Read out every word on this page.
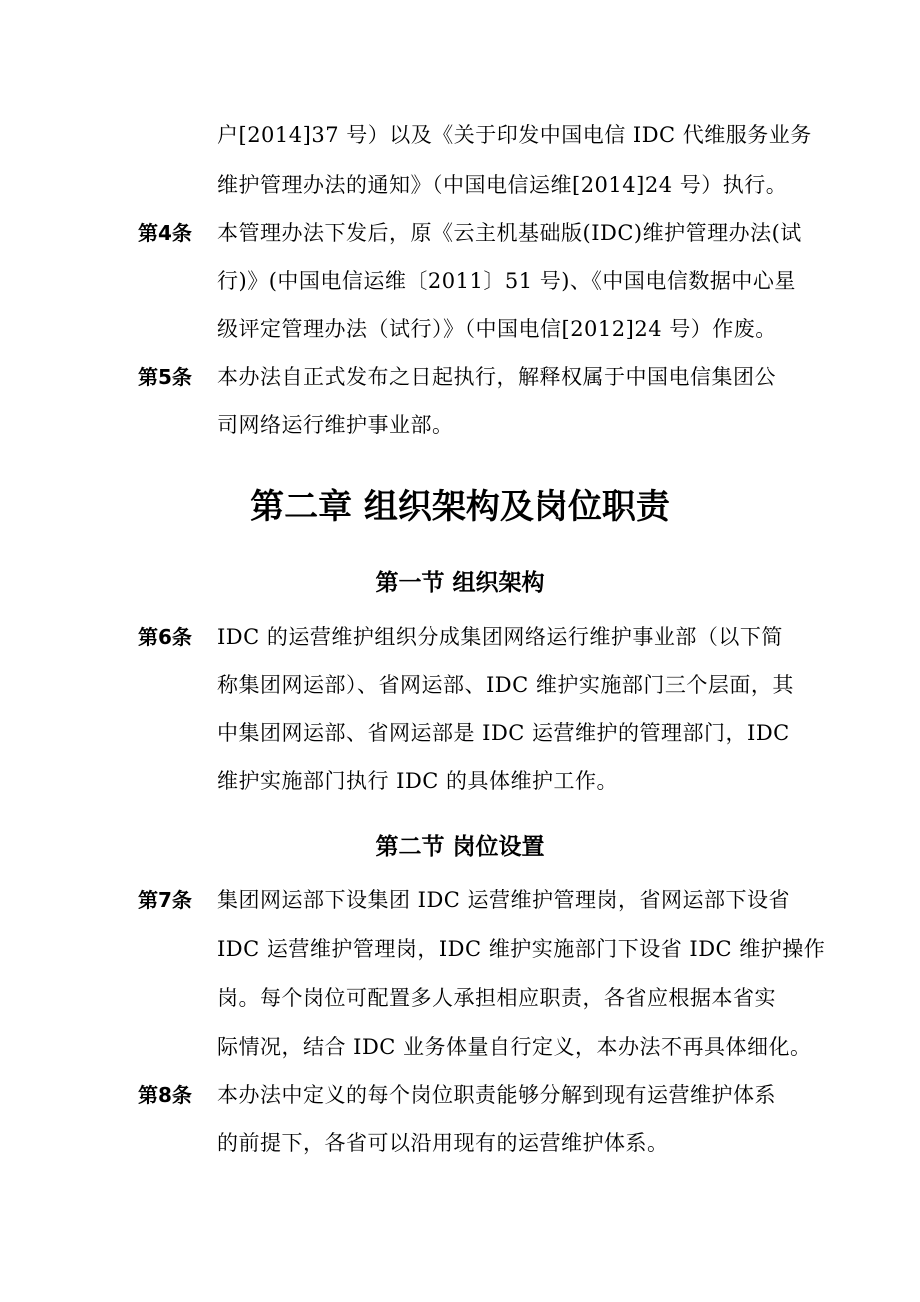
户[2014]37 号）以及《关于印发中国电信 IDC 代维服务业务
维护管理办法的通知》（中国电信运维[2014]24 号）执行。
第4条 本管理办法下发后，原《云主机基础版(IDC)维护管理办法(试
行)》(中国电信运维〔2011〕51 号)、《中国电信数据中心星
级评定管理办法（试行）》（中国电信[2012]24 号）作废。
第5条 本办法自正式发布之日起执行，解释权属于中国电信集团公
司网络运行维护事业部。
第二章 组织架构及岗位职责
第一节 组织架构
第6条 IDC 的运营维护组织分成集团网络运行维护事业部（以下简
称集团网运部）、省网运部、IDC 维护实施部门三个层面，其
中集团网运部、省网运部是 IDC 运营维护的管理部门，IDC
维护实施部门执行 IDC 的具体维护工作。
第二节 岗位设置
第7条 集团网运部下设集团 IDC 运营维护管理岗，省网运部下设省
IDC 运营维护管理岗，IDC 维护实施部门下设省 IDC 维护操作
岗。每个岗位可配置多人承担相应职责，各省应根据本省实
际情况，结合 IDC 业务体量自行定义，本办法不再具体细化。
第8条 本办法中定义的每个岗位职责能够分解到现有运营维护体系
的前提下，各省可以沿用现有的运营维护体系。
